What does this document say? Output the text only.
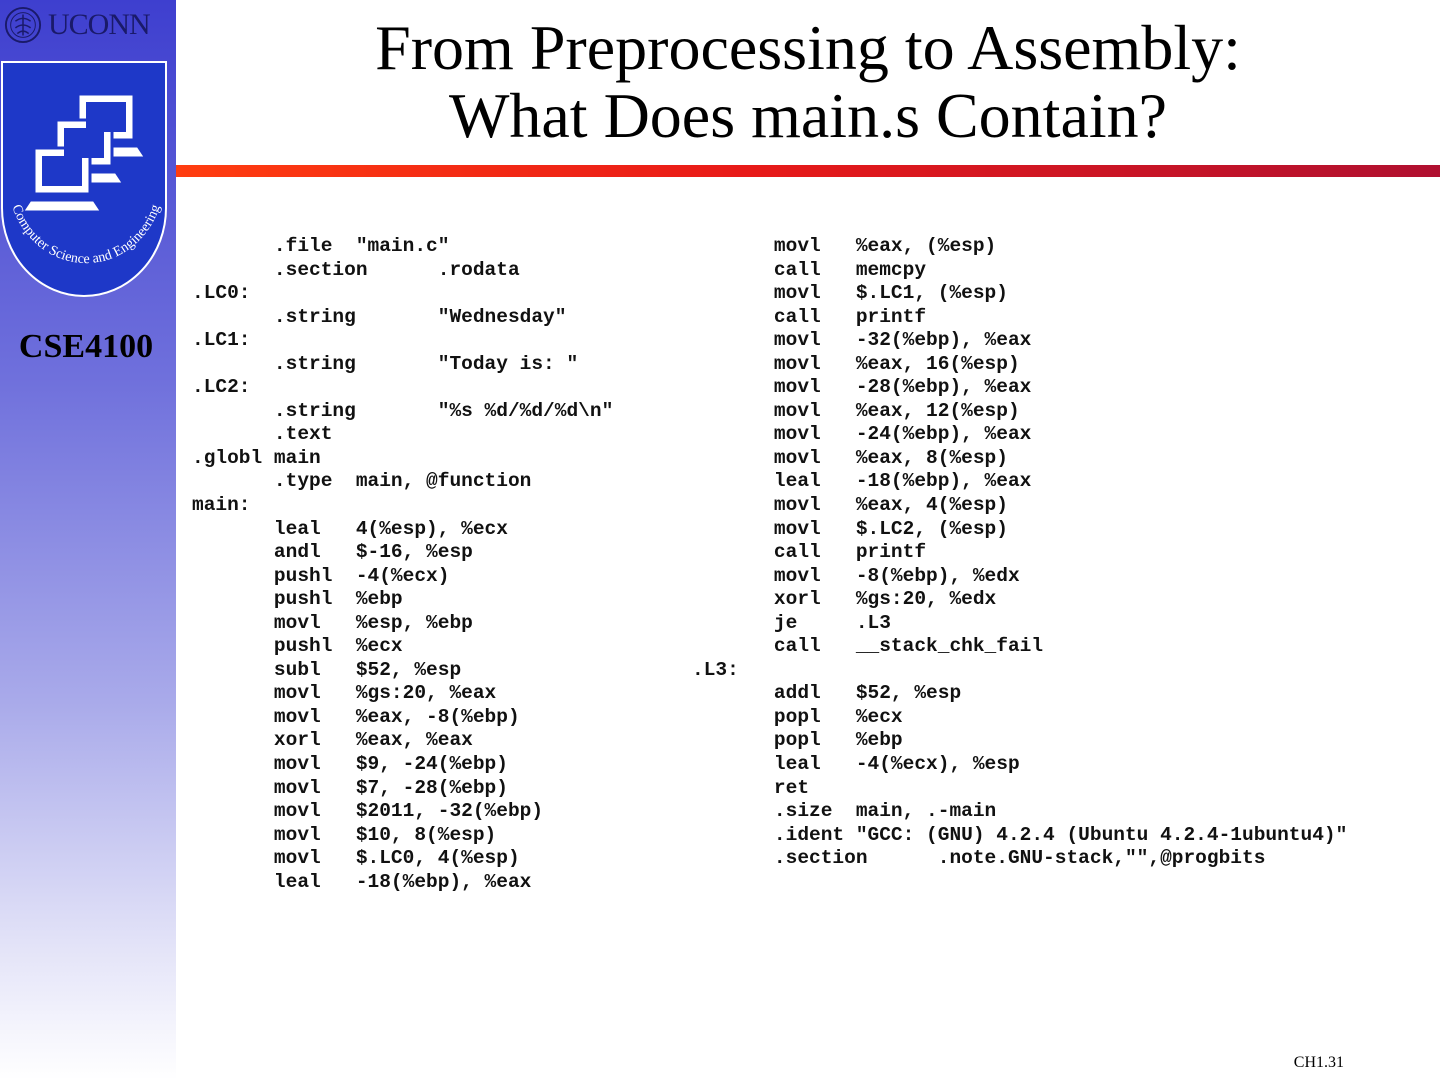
UCONN
Computer Science and Engineering
CSE4100
From Preprocessing to Assembly:
What Does main.s Contain?
.file  "main.c"
.section      .rodata
.LC0:
.string       "Wednesday"
.LC1:
.string       "Today is: "
.LC2:
.string       "%s %d/%d/%d\n"
.text
.globl main
.type  main, @function
main:
leal   4(%esp), %ecx
andl   $-16, %esp
pushl  -4(%ecx)
pushl  %ebp
movl   %esp, %ebp
pushl  %ecx
subl   $52, %esp
movl   %gs:20, %eax
movl   %eax, -8(%ebp)
xorl   %eax, %eax
movl   $9, -24(%ebp)
movl   $7, -28(%ebp)
movl   $2011, -32(%ebp)
movl   $10, 8(%esp)
movl   $.LC0, 4(%esp)
leal   -18(%ebp), %eax
movl   %eax, (%esp)
call   memcpy
movl   $.LC1, (%esp)
call   printf
movl   -32(%ebp), %eax
movl   %eax, 16(%esp)
movl   -28(%ebp), %eax
movl   %eax, 12(%esp)
movl   -24(%ebp), %eax
movl   %eax, 8(%esp)
leal   -18(%ebp), %eax
movl   %eax, 4(%esp)
movl   $.LC2, (%esp)
call   printf
movl   -8(%ebp), %edx
xorl   %gs:20, %edx
je     .L3
call   __stack_chk_fail
.L3:
addl   $52, %esp
popl   %ecx
popl   %ebp
leal   -4(%ecx), %esp
ret
.size  main, .-main
.ident "GCC: (GNU) 4.2.4 (Ubuntu 4.2.4-1ubuntu4)"
.section      .note.GNU-stack,"",@progbits
CH1.31
